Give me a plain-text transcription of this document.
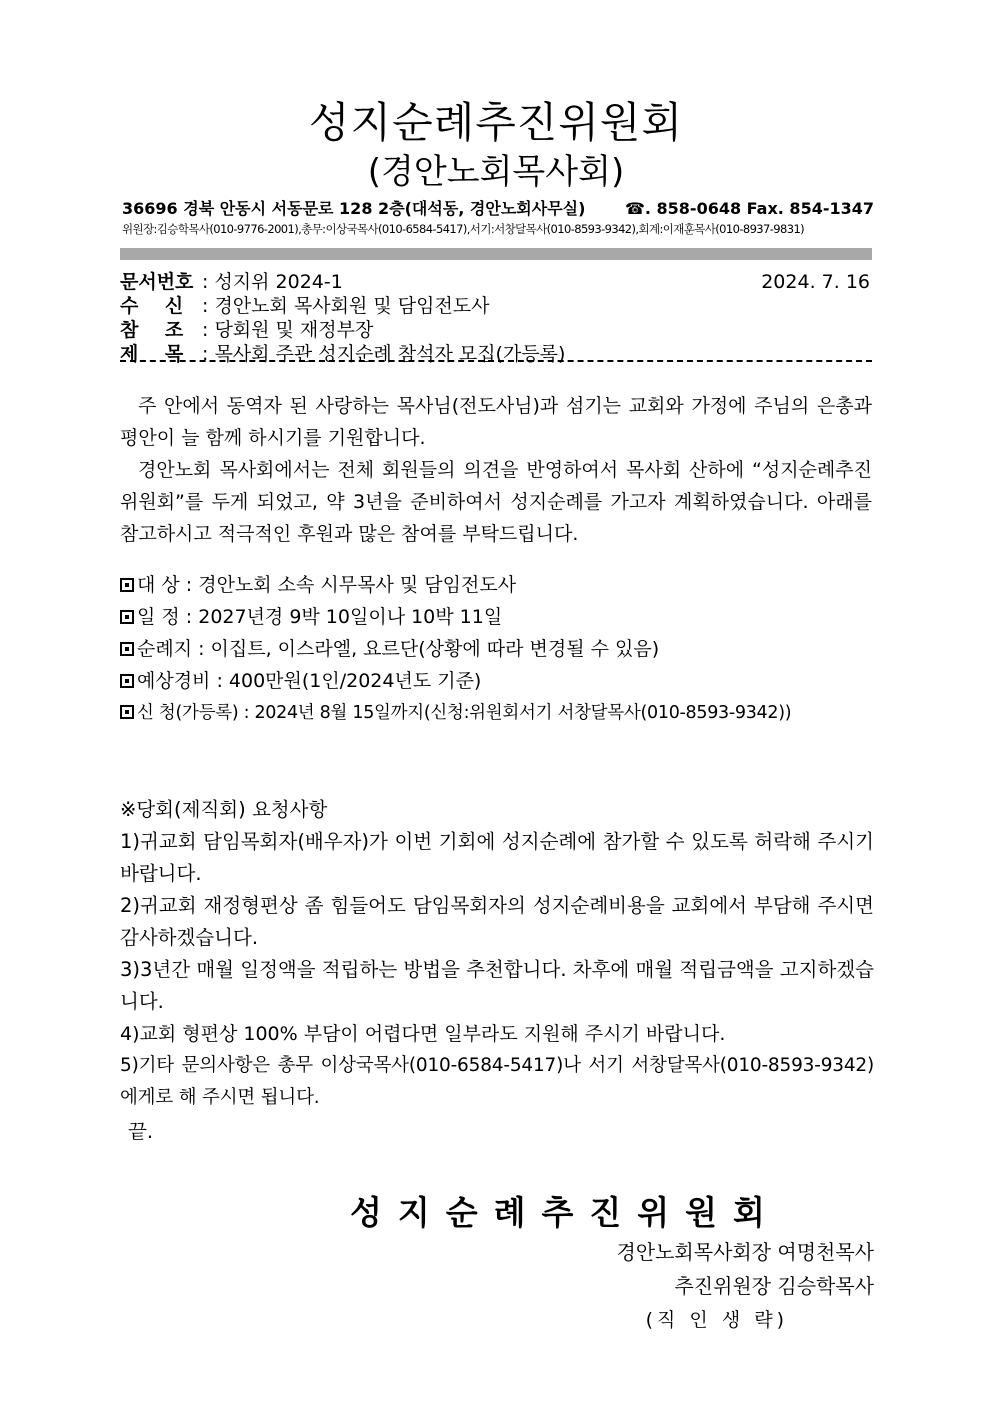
성지순례추진위원회
(경안노회목사회)
36696 경북 안동시 서동문로 128 2층(대석동, 경안노회사무실) ☎. 858-0648 Fax. 854-1347
위원장:김승학목사(010-9776-2001),총무:이상국목사(010-6584-5417),서기:서창달목사(010-8593-9342),회계:이재훈목사(010-8937-9831)
문서번호 : 성지위 2024-1	2024. 7. 16
수    신 : 경안노회 목사회원 및 담임전도사
참    조 : 당회원 및 재정부장
제    목 : 목사회 주관 성지순례 참석자 모집(가등록)
주 안에서 동역자 된 사랑하는 목사님(전도사님)과 섬기는 교회와 가정에 주님의 은총과 평안이 늘 함께 하시기를 기원합니다.
경안노회 목사회에서는 전체 회원들의 의견을 반영하여서 목사회 산하에 “성지순례추진위원회”를 두게 되었고, 약 3년을 준비하여서 성지순례를 가고자 계획하였습니다. 아래를 참고하시고 적극적인 후원과 많은 참여를 부탁드립니다.
대 상 : 경안노회 소속 시무목사 및 담임전도사
일 정 : 2027년경 9박 10일이나 10박 11일
순례지 : 이집트, 이스라엘, 요르단(상황에 따라 변경될 수 있음)
예상경비 : 400만원(1인/2024년도 기준)
신 청(가등록) : 2024년 8월 15일까지(신청:위원회서기 서창달목사(010-8593-9342))
※당회(제직회) 요청사항
1)귀교회 담임목회자(배우자)가 이번 기회에 성지순례에 참가할 수 있도록 허락해 주시기 바랍니다.
2)귀교회 재정형편상 좀 힘들어도 담임목회자의 성지순례비용을 교회에서 부담해 주시면 감사하겠습니다.
3)3년간 매월 일정액을 적립하는 방법을 추천합니다. 차후에 매월 적립금액을 고지하겠습니다.
4)교회 형편상 100% 부담이 어렵다면 일부라도 지원해 주시기 바랍니다.
5)기타 문의사항은 총무 이상국목사(010-6584-5417)나 서기 서창달목사(010-8593-9342)에게로 해 주시면 됩니다.
끝.
성지순례추진위원회
경안노회목사회장 여명천목사
추진위원장 김승학목사
(직 인 생 략)
